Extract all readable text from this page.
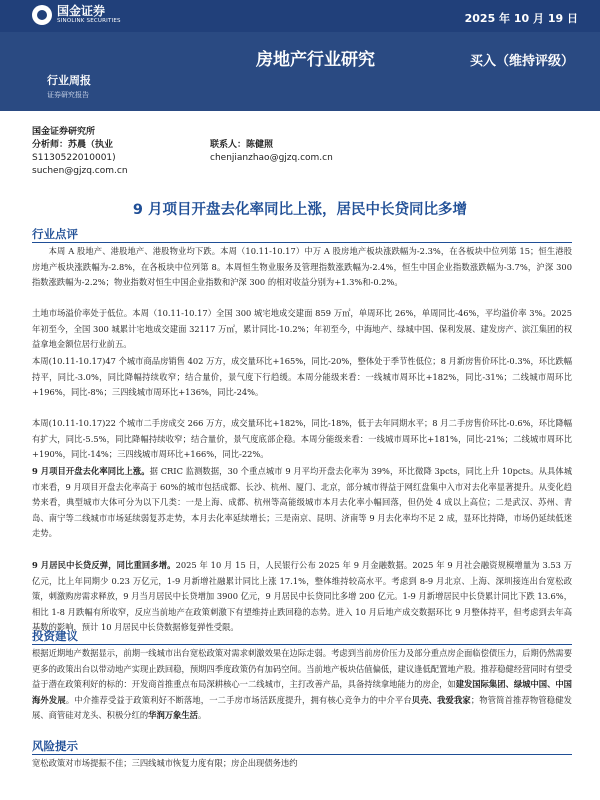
国金证券
SINOLINK SECURITIES	2025 年 10 月 19 日
房地产行业研究	买入（维持评级）
行业周报
证券研究报告
国金证券研究所
分析师：苏晨（执业
S1130522010001)
suchen@gjzq.com.cn
联系人：陈健照
chenjianzhao@gjzq.com.cn
9 月项目开盘去化率同比上涨，居民中长贷同比多增
行业点评
本周 A 股地产、港股地产、港股物业均下跌。本周（10.11-10.17）中万 A 股房地产板块涨跌幅为-2.3%，在各板块中位列第 15；恒生港股房地产板块涨跌幅为-2.8%，在各板块中位列第 8。本周恒生物业服务及管理指数涨跌幅为-2.4%，恒生中国企业指数涨跌幅为-3.7%，沪深 300 指数涨跌幅为-2.2%；物业指数对恒生中国企业指数和沪深 300 的相对收益分别为+1.3%和-0.2%。
土地市场溢价率处于低位。本周（10.11-10.17）全国 300 城宅地成交建面 859 万㎡，单周环比 26%，单周同比-46%，平均溢价率 3%。2025 年初至今，全国 300 城累计宅地成交建面 32117 万㎡，累计同比-10.2%；年初至今，中海地产、绿城中国、保利发展、建发房产、滨江集团的权益拿地金额位居行业前五。
本周(10.11-10.17)47 个城市商品房销售 402 万方，成交量环比+165%，同比-20%，整体处于季节性低位；8 月新房售价环比-0.3%，环比跌幅持平，同比-3.0%，同比降幅持续收窄；结合量价，景气度下行趋缓。本周分能级来看：一线城市周环比+182%，同比-31%；二线城市周环比+196%，同比-8%；三四线城市周环比+136%，同比-24%。
本周(10.11-10.17)22 个城市二手房成交 266 万方，成交量环比+182%，同比-18%，低于去年同期水平；8 月二手房售价环比-0.6%，环比降幅有扩大，同比-5.5%，同比降幅持续收窄；结合量价，景气度底部企稳。本周分能级来看：一线城市周环比+181%，同比-21%；二线城市周环比+190%，同比-14%；三四线城市周环比+166%，同比-22%。
9 月项目开盘去化率同比上涨。据 CRIC 监测数据，30 个重点城市 9 月平均开盘去化率为 39%，环比微降 3pcts，同比上升 10pcts。从具体城市来看，9 月项目开盘去化率高于 60%的城市包括成都、长沙、杭州、厦门、北京，部分城市得益于网红盘集中入市对去化率显著提升。从变化趋势来看，典型城市大体可分为以下几类：一是上海、成都、杭州等高能级城市本月去化率小幅回落，但仍处 4 成以上高位；二是武汉、苏州、青岛、南宁等二线城市市场延续弱复苏走势，本月去化率延续增长；三是南京、昆明、济南等 9 月去化率均不足 2 成，显环比持降，市场仍延续低迷走势。
9 月居民中长贷反弹，同比重回多增。2025 年 10 月 15 日，人民银行公布 2025 年 9 月金融数据。2025 年 9 月社会融资规模增量为 3.53 万亿元，比上年同期少 0.23 万亿元，1-9 月新增社融累计同比上涨 17.1%，整体维持较高水平。考虑到 8-9 月北京、上海、深圳接连出台宽松政策，刺激购房需求释放，9 月当月居民中长贷增加 3900 亿元，9 月居民中长贷同比多增 200 亿元。1-9 月新增居民中长贷累计同比下跌 13.6%，相比 1-8 月跌幅有所收窄，反应当前地产在政策刺激下有望维持止跌回稳的态势。进入 10 月后地产成交数据环比 9 月整体持平，但考虑到去年高基数的影响，预计 10 月居民中长贷数据修复弹性受限。
投资建议
根据近期地产数据显示，前期一线城市出台宽松政策对需求刺激效果在边际走弱。考虑到当前房价压力及部分重点房企面临偿债压力，后期仍然需要更多的政策出台以带动地产实现止跌回稳，预期四季度政策仍有加码空间。当前地产板块估值偏低，建议逢低配置地产股。推荐稳健经营同时有望受益于潜在政策利好的标的：开发商首推重点布局深耕核心一二线城市，主打改善产品，具备持续拿地能力的房企，如建发国际集团、绿城中国、中国海外发展。中介推荐受益于政策利好不断落地，一二手房市场活跃度提升，拥有核心竞争力的中介平台贝壳、我爱我家；物管简首推荐物管稳健发展、商管硅对龙头、积极分红的华润万象生活。
风险提示
宽松政策对市场提振不佳；三四线城市恢复力度有限；房企出现债务违约
